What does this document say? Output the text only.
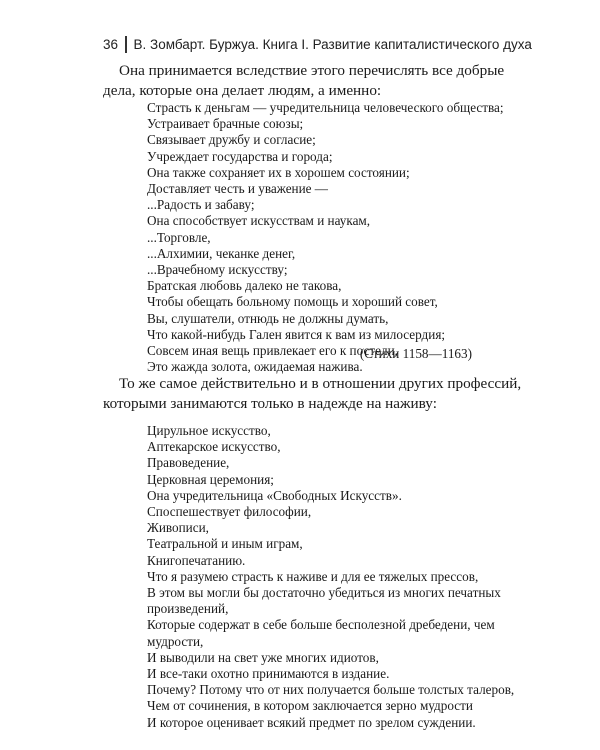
36 В. Зомбарт. Буржуа. Книга I. Развитие капиталистического духа

Она принимается вследствие этого перечислять все добрые дела, которые она делает людям, а именно:

Страсть к деньгам — учредительница человеческого общества;
Устраивает брачные союзы;
Связывает дружбу и согласие;
Учреждает государства и города;
Она также сохраняет их в хорошем состоянии;
Доставляет честь и уважение —
...Радость и забаву;
Она способствует искусствам и наукам,
...Торговле,
...Алхимии, чеканке денег,
...Врачебному искусству;
Братская любовь далеко не такова,
Чтобы обещать больному помощь и хороший совет,
Вы, слушатели, отнюдь не должны думать,
Что какой-нибудь Гален явится к вам из милосердия;
Совсем иная вещь привлекает его к постели,
Это жажда золота, ожидаемая нажива.
(Стихи 1158—1163)

То же самое действительно и в отношении других профессий, которыми занимаются только в надежде на наживу:

Цирульное искусство,
Аптекарское искусство,
Правоведение,
Церковная церемония;
Она учредительница «Свободных Искусств».
Споспешествует философии,
Живописи,
Театральной и иным играм,
Книгопечатанию.
Что я разумею страсть к наживе и для ее тяжелых прессов,
В этом вы могли бы достаточно убедиться из многих печатных произведений,
Которые содержат в себе больше бесполезной дребедени, чем мудрости,
И выводили на свет уже многих идиотов,
И все-таки охотно принимаются в издание.
Почему? Потому что от них получается больше толстых талеров,
Чем от сочинения, в котором заключается зерно мудрости
И которое оценивает всякий предмет по зрелом суждении.
